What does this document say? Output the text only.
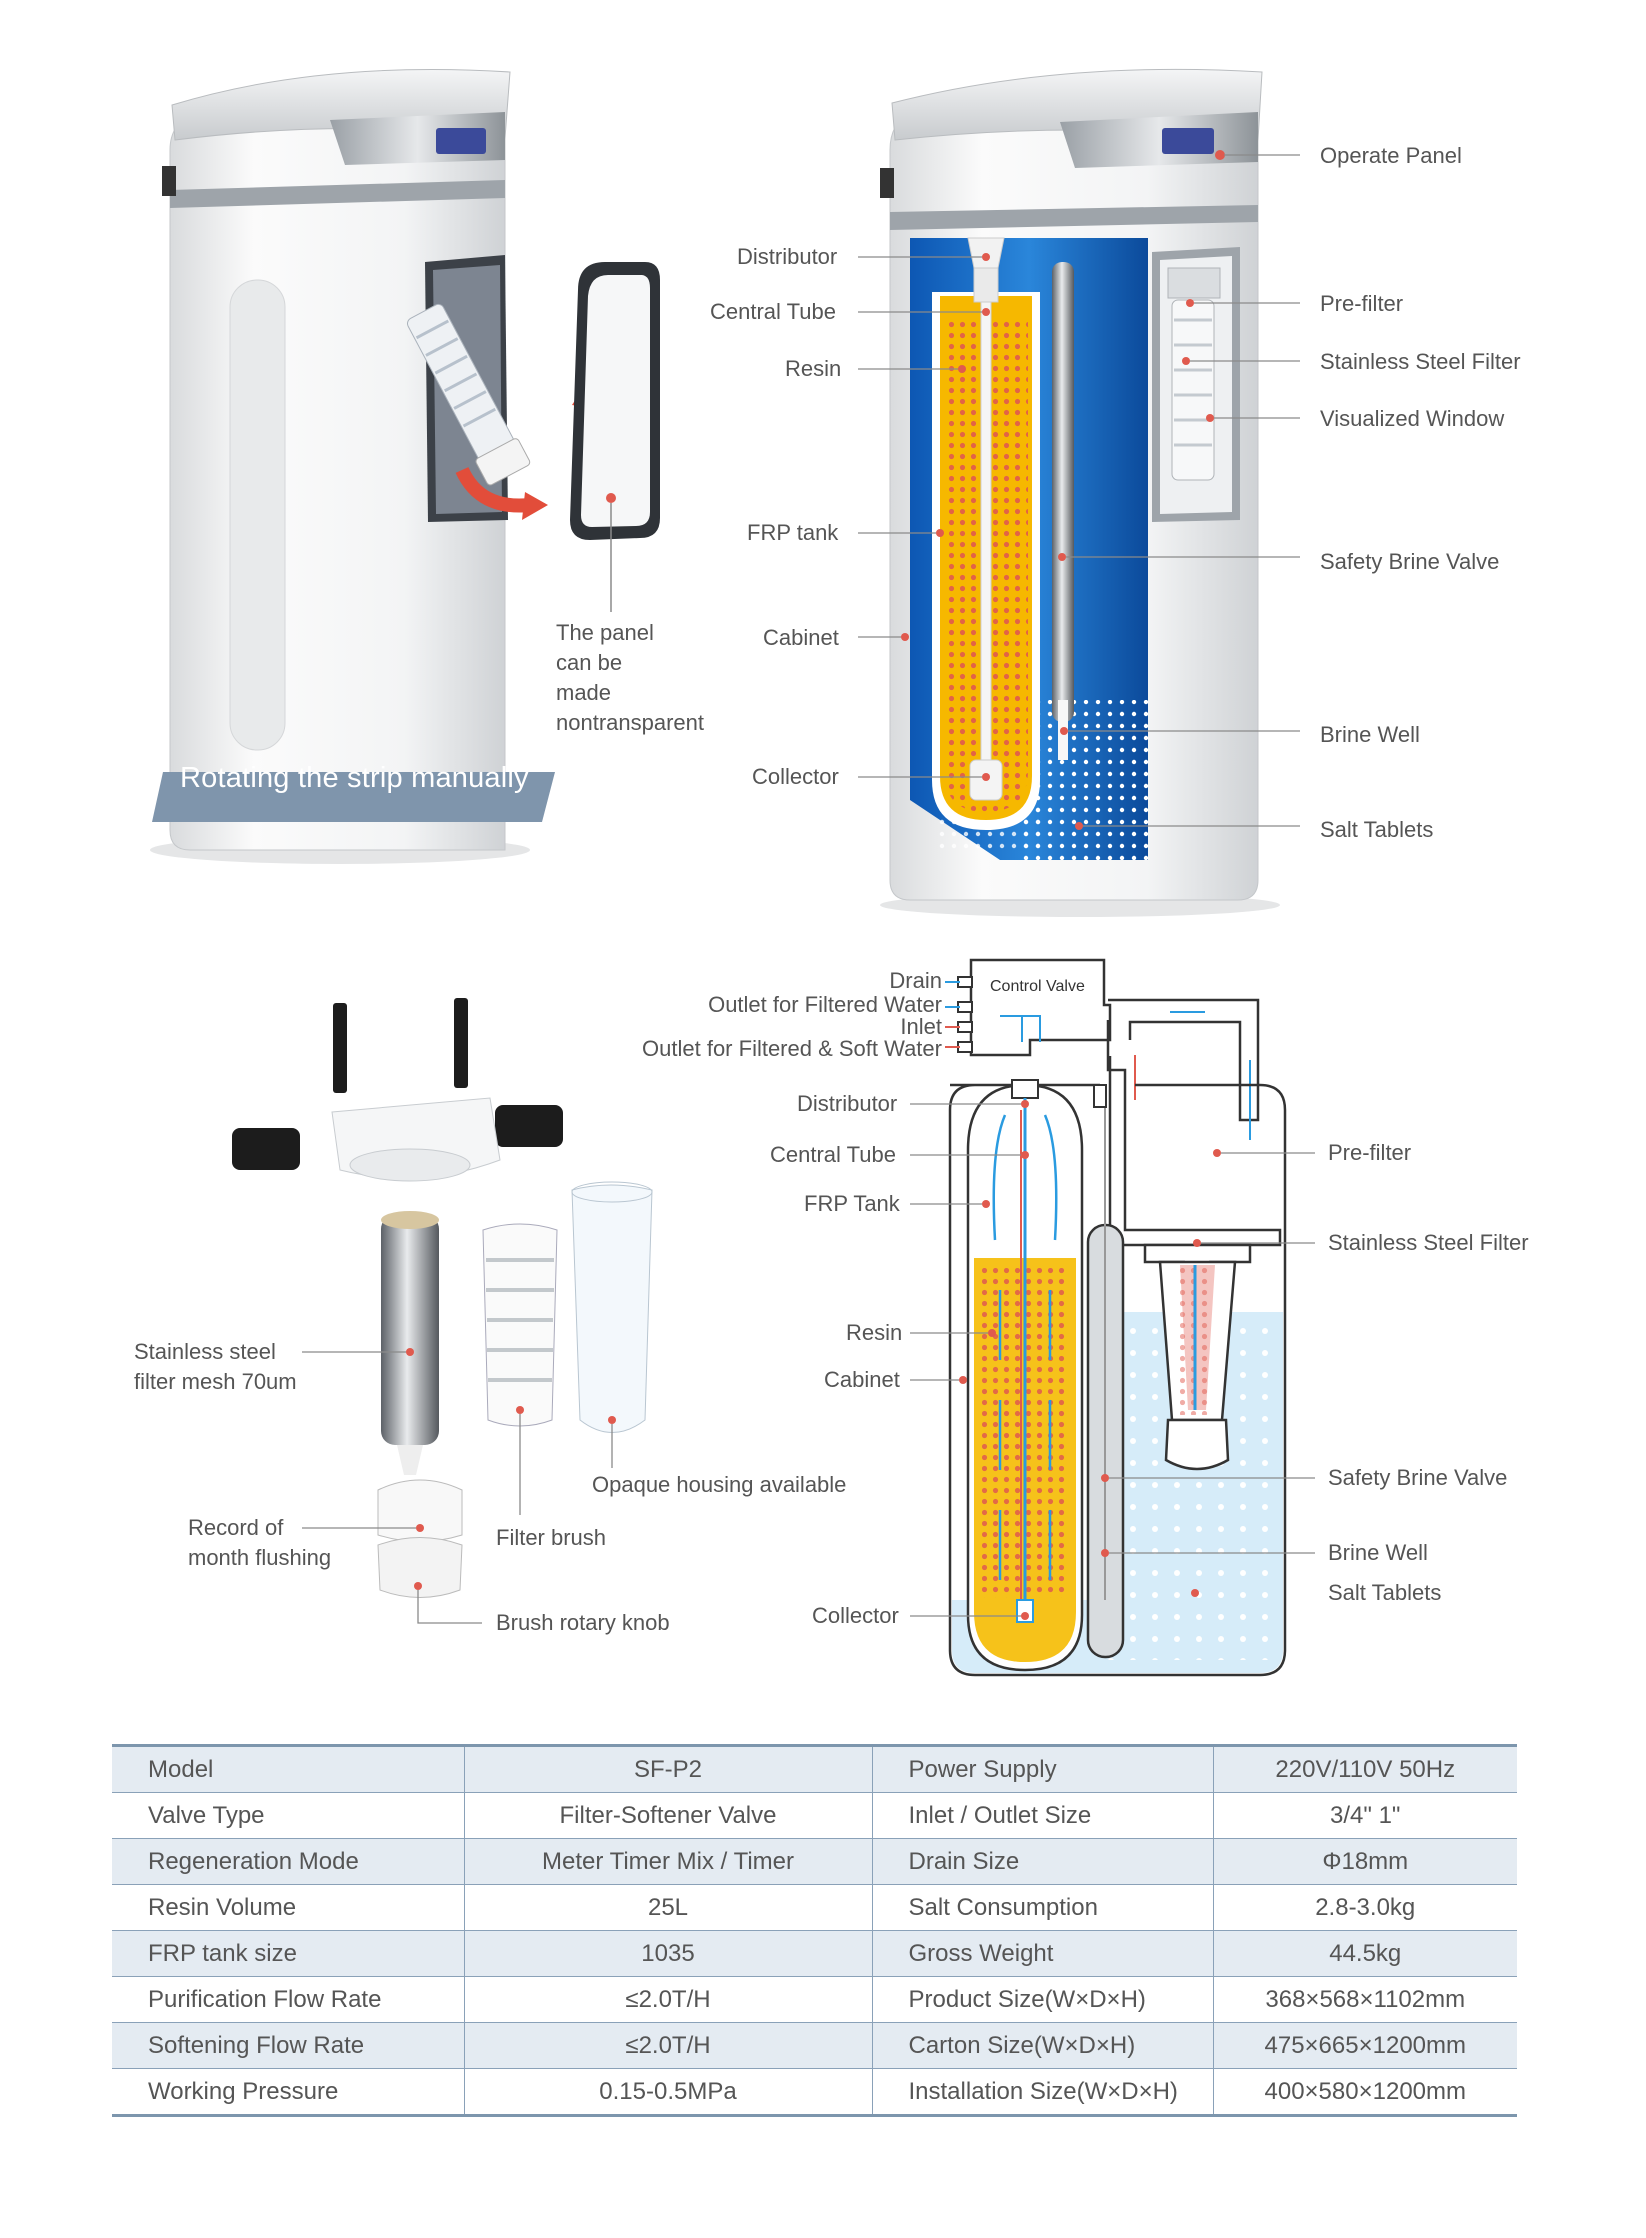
The panel
can be
made
nontransparent
Rotating the strip manually
Distributor
Central Tube
Resin
FRP tank
Cabinet
Collector
Operate Panel
Pre-filter
Stainless Steel Filter
Visualized Window
Safety Brine Valve
Brine Well
Salt Tablets
Stainless steel
filter mesh 70um
Record of
month flushing
Filter brush
Opaque housing available
Brush rotary knob
Control Valve
Drain
Outlet for Filtered Water
Inlet
Outlet for Filtered & Soft Water
Distributor
Central Tube
FRP Tank
Resin
Cabinet
Collector
Pre-filter
Stainless Steel Filter
Safety Brine Valve
Brine Well
Salt Tablets
Model	SF-P2	Power Supply	220V/110V 50Hz
Valve Type	Filter-Softener Valve	Inlet / Outlet Size	3/4" 1"
Regeneration Mode	Meter Timer Mix / Timer	Drain Size	Φ18mm
Resin Volume	25L	Salt Consumption	2.8-3.0kg
FRP tank size	1035	Gross Weight	44.5kg
Purification Flow Rate	≤2.0T/H	Product Size(W×D×H)	368×568×1102mm
Softening Flow Rate	≤2.0T/H	Carton Size(W×D×H)	475×665×1200mm
Working Pressure	0.15-0.5MPa	Installation Size(W×D×H)	400×580×1200mm
